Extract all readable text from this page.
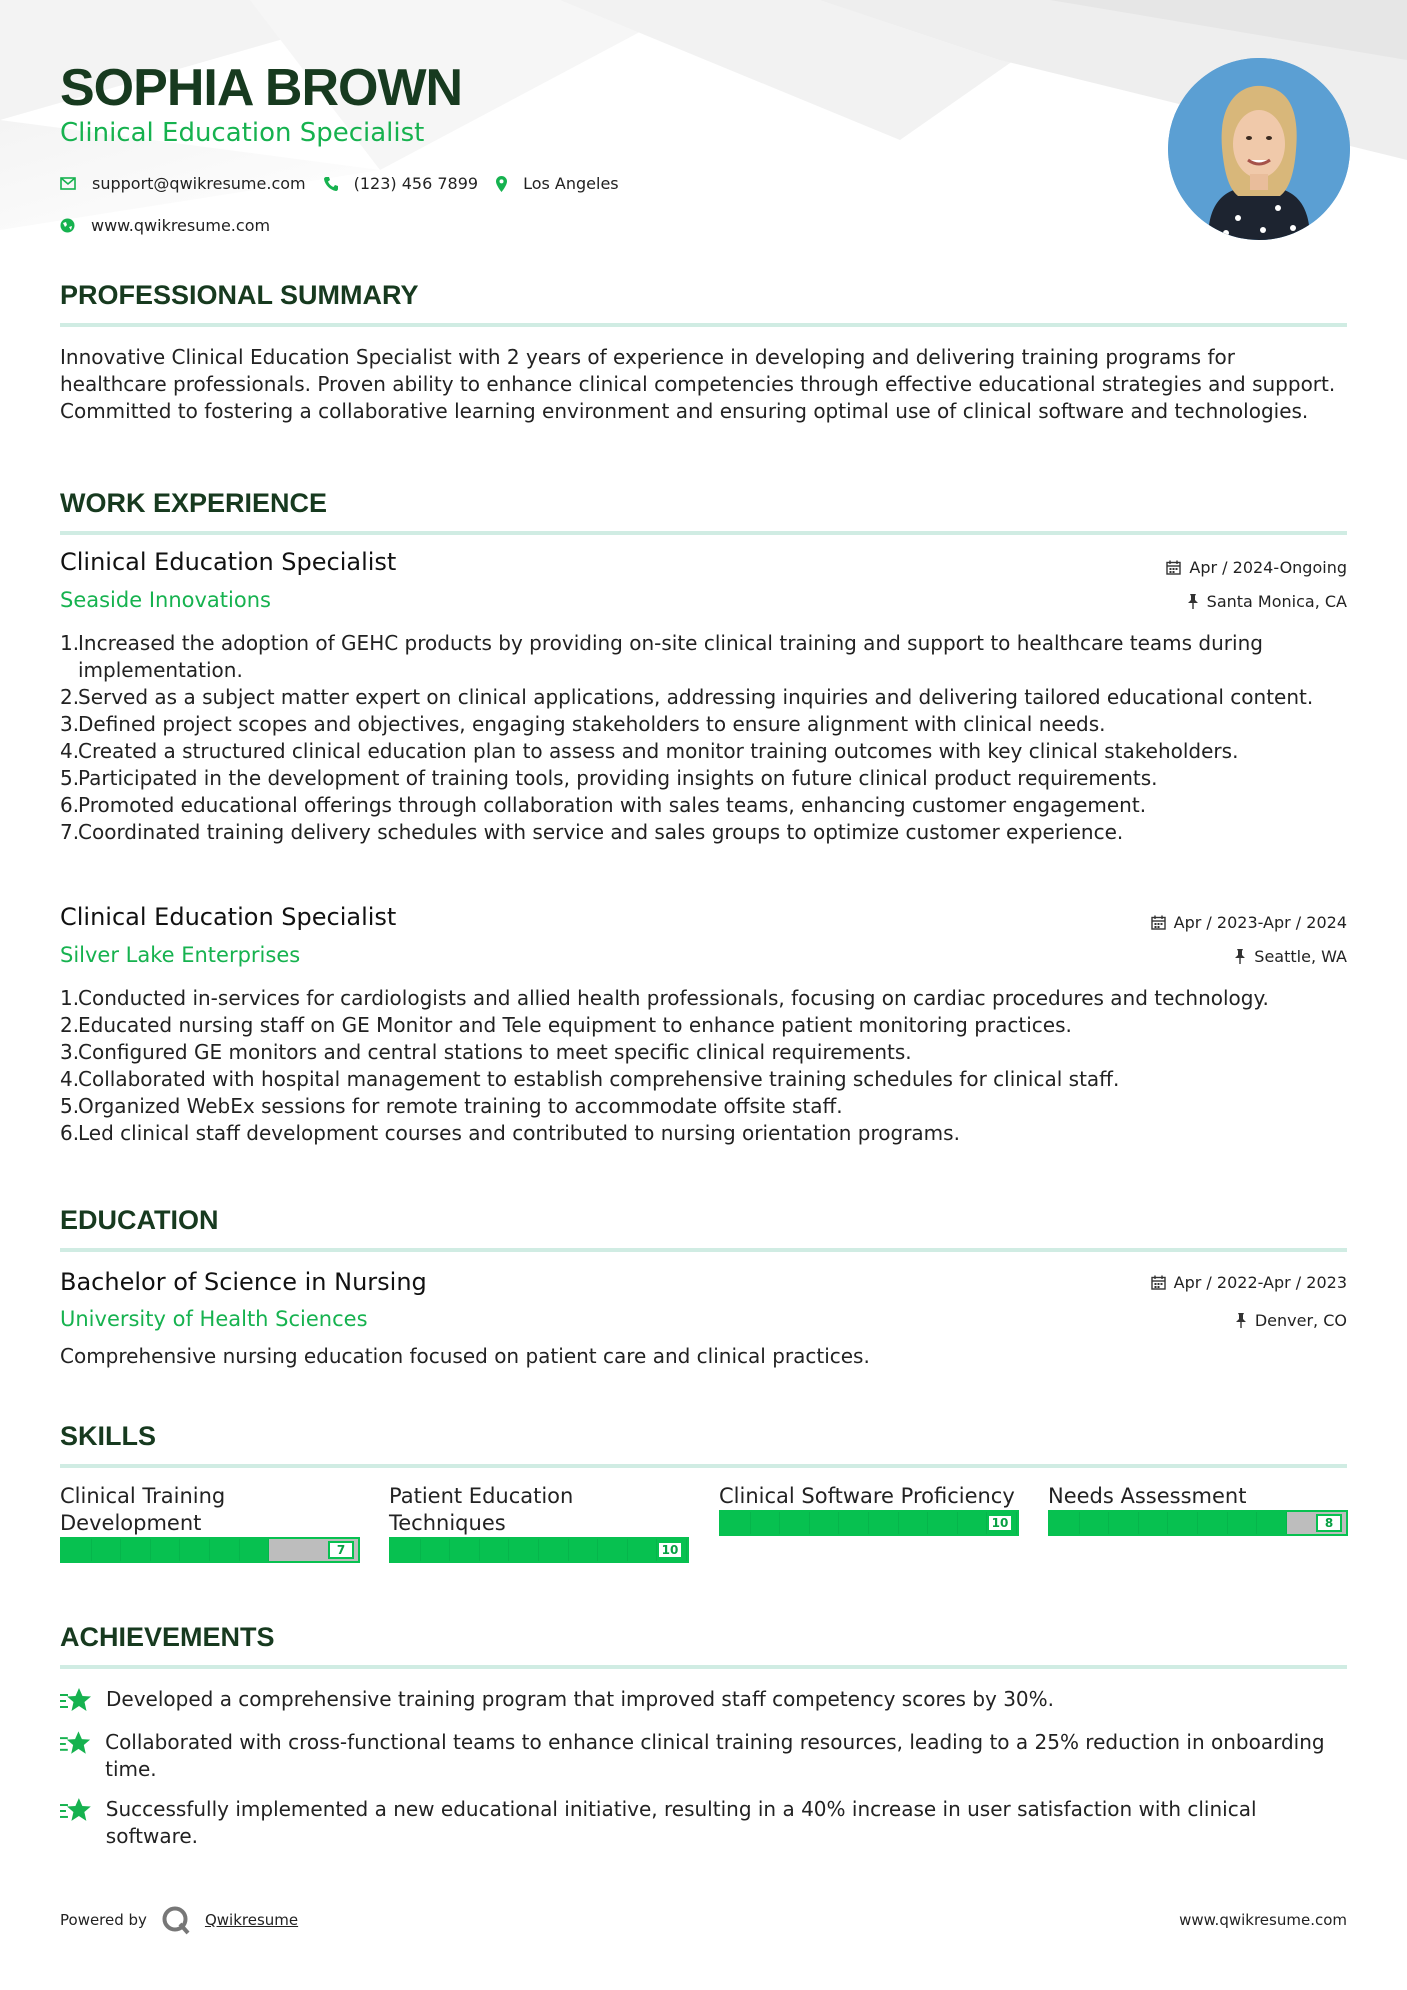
SOPHIA BROWN
Clinical Education Specialist
support@qwikresume.com	(123) 456 7899	Los Angeles
www.qwikresume.com
PROFESSIONAL SUMMARY
Innovative Clinical Education Specialist with 2 years of experience in developing and delivering training programs for healthcare professionals. Proven ability to enhance clinical competencies through effective educational strategies and support. Committed to fostering a collaborative learning environment and ensuring optimal use of clinical software and technologies.
WORK EXPERIENCE
Clinical Education Specialist	Apr / 2024-Ongoing
Seaside Innovations	Santa Monica, CA
1.
Increased the adoption of GEHC products by providing on-site clinical training and support to healthcare teams during implementation.
2.
Served as a subject matter expert on clinical applications, addressing inquiries and delivering tailored educational content.
3.
Defined project scopes and objectives, engaging stakeholders to ensure alignment with clinical needs.
4.
Created a structured clinical education plan to assess and monitor training outcomes with key clinical stakeholders.
5.
Participated in the development of training tools, providing insights on future clinical product requirements.
6.
Promoted educational offerings through collaboration with sales teams, enhancing customer engagement.
7.
Coordinated training delivery schedules with service and sales groups to optimize customer experience.
Clinical Education Specialist	Apr / 2023-Apr / 2024
Silver Lake Enterprises	Seattle, WA
1.
Conducted in-services for cardiologists and allied health professionals, focusing on cardiac procedures and technology.
2.
Educated nursing staff on GE Monitor and Tele equipment to enhance patient monitoring practices.
3.
Configured GE monitors and central stations to meet specific clinical requirements.
4.
Collaborated with hospital management to establish comprehensive training schedules for clinical staff.
5.
Organized WebEx sessions for remote training to accommodate offsite staff.
6.
Led clinical staff development courses and contributed to nursing orientation programs.
EDUCATION
Bachelor of Science in Nursing	Apr / 2022-Apr / 2023
University of Health Sciences	Denver, CO
Comprehensive nursing education focused on patient care and clinical practices.
SKILLS
Clinical Training Development
7
Patient Education Techniques
10
Clinical Software Proficiency
10
Needs Assessment
8
ACHIEVEMENTS
Developed a comprehensive training program that improved staff competency scores by 30%.
Collaborated with cross-functional teams to enhance clinical training resources, leading to a 25% reduction in onboarding time.
Successfully implemented a new educational initiative, resulting in a 40% increase in user satisfaction with clinical software.
Powered by	Qwikresume	www.qwikresume.com
